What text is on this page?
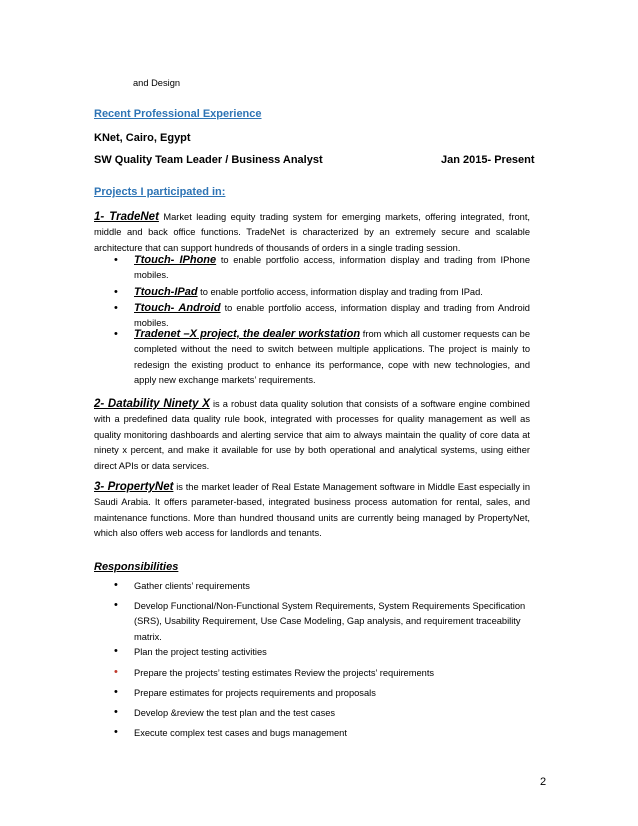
and Design
Recent Professional Experience
KNet, Cairo, Egypt
SW Quality Team Leader / Business Analyst	Jan 2015- Present
Projects I participated in:
1- TradeNet Market leading equity trading system for emerging markets, offering integrated, front, middle and back office functions. TradeNet is characterized by an extremely secure and scalable architecture that can support hundreds of thousands of orders in a single trading session.
• Ttouch- IPhone to enable portfolio access, information display and trading from IPhone mobiles.
• Ttouch-IPad to enable portfolio access, information display and trading from IPad.
• Ttouch- Android to enable portfolio access, information display and trading from Android mobiles.
• Tradenet –X project, the dealer workstation from which all customer requests can be completed without the need to switch between multiple applications. The project is mainly to redesign the existing product to enhance its performance, cope with new technologies, and apply new exchange markets’ requirements.
2- Datability Ninety X is a robust data quality solution that consists of a software engine combined with a predefined data quality rule book, integrated with processes for quality management as well as quality monitoring dashboards and alerting service that aim to always maintain the quality of core data at ninety x percent, and make it available for use by both operational and analytical systems, using either direct APIs or data services.
3- PropertyNet is the market leader of Real Estate Management software in Middle East especially in Saudi Arabia. It offers parameter-based, integrated business process automation for rental, sales, and maintenance functions. More than hundred thousand units are currently being managed by PropertyNet, which also offers web access for landlords and tenants.
Responsibilities
• Gather clients’ requirements
• Develop Functional/Non-Functional System Requirements, System Requirements Specification (SRS), Usability Requirement, Use Case Modeling, Gap analysis, and requirement traceability matrix.
• Plan the project testing activities
• Prepare the projects’ testing estimates Review the projects’ requirements
• Prepare estimates for projects requirements and proposals
• Develop &review the test plan and the test cases
• Execute complex test cases and bugs management
2
